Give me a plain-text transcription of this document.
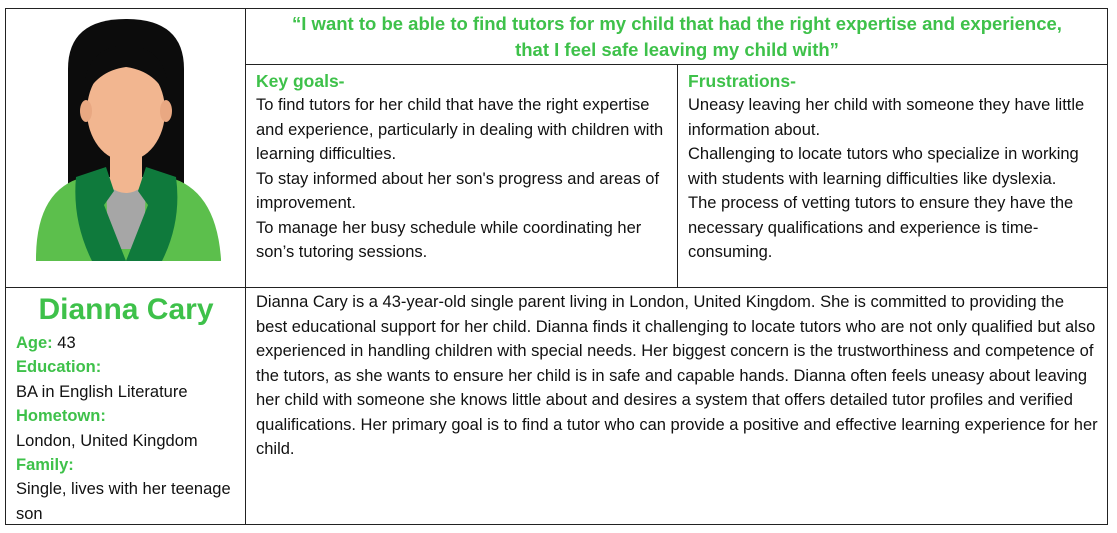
“I want to be able to find tutors for my child that had the right expertise and experience, that I feel safe leaving my child with”
Key goals-

To find tutors for her child that have the right expertise and experience, particularly in dealing with children with learning difficulties.

To stay informed about her son's progress and areas of improvement.

To manage her busy schedule while coordinating her son’s tutoring sessions.

Frustrations-

Uneasy leaving her child with someone they have little information about.

Challenging to locate tutors who specialize in working with students with learning difficulties like dyslexia.

The process of vetting tutors to ensure they have the necessary qualifications and experience is time-consuming.

Dianna Cary
Age: 43
Education:
BA in English Literature
Hometown:
London, United Kingdom
Family:
Single, lives with her teenage son
Dianna Cary is a 43-year-old single parent living in London, United Kingdom. She is committed to providing the best educational support for her child. Dianna finds it challenging to locate tutors who are not only qualified but also experienced in handling children with special needs. Her biggest concern is the trustworthiness and competence of the tutors, as she wants to ensure her child is in safe and capable hands. Dianna often feels uneasy about leaving her child with someone she knows little about and desires a system that offers detailed tutor profiles and verified qualifications. Her primary goal is to find a tutor who can provide a positive and effective learning experience for her child.
